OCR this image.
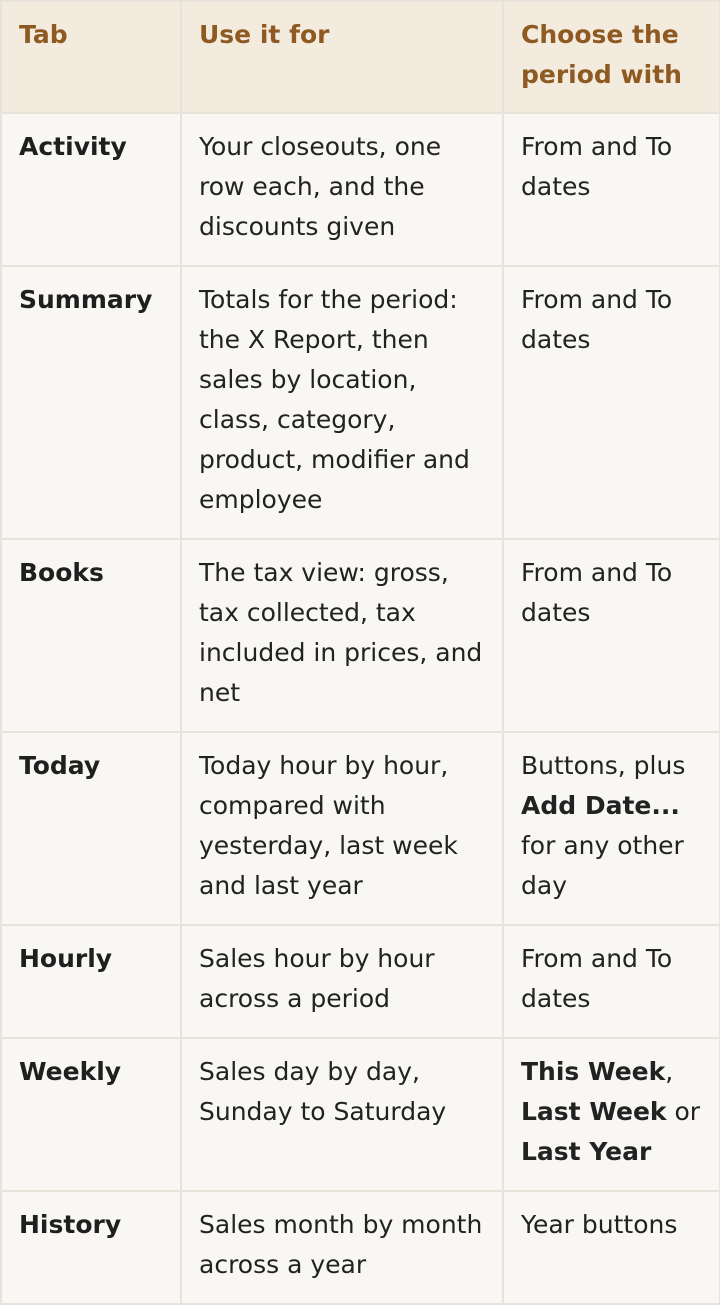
Tab	Use it for	Choose the period with
Activity	Your closeouts, one row each, and the discounts given	From and To dates
Summary	Totals for the period: the X Report, then sales by location, class, category, product, modifier and employee	From and To dates
Books	The tax view: gross, tax collected, tax included in prices, and net	From and To dates
Today	Today hour by hour, compared with yesterday, last week and last year	Buttons, plus Add Date... for any other day
Hourly	Sales hour by hour across a period	From and To dates
Weekly	Sales day by day, Sunday to Saturday	This Week, Last Week or Last Year
History	Sales month by month across a year	Year buttons
